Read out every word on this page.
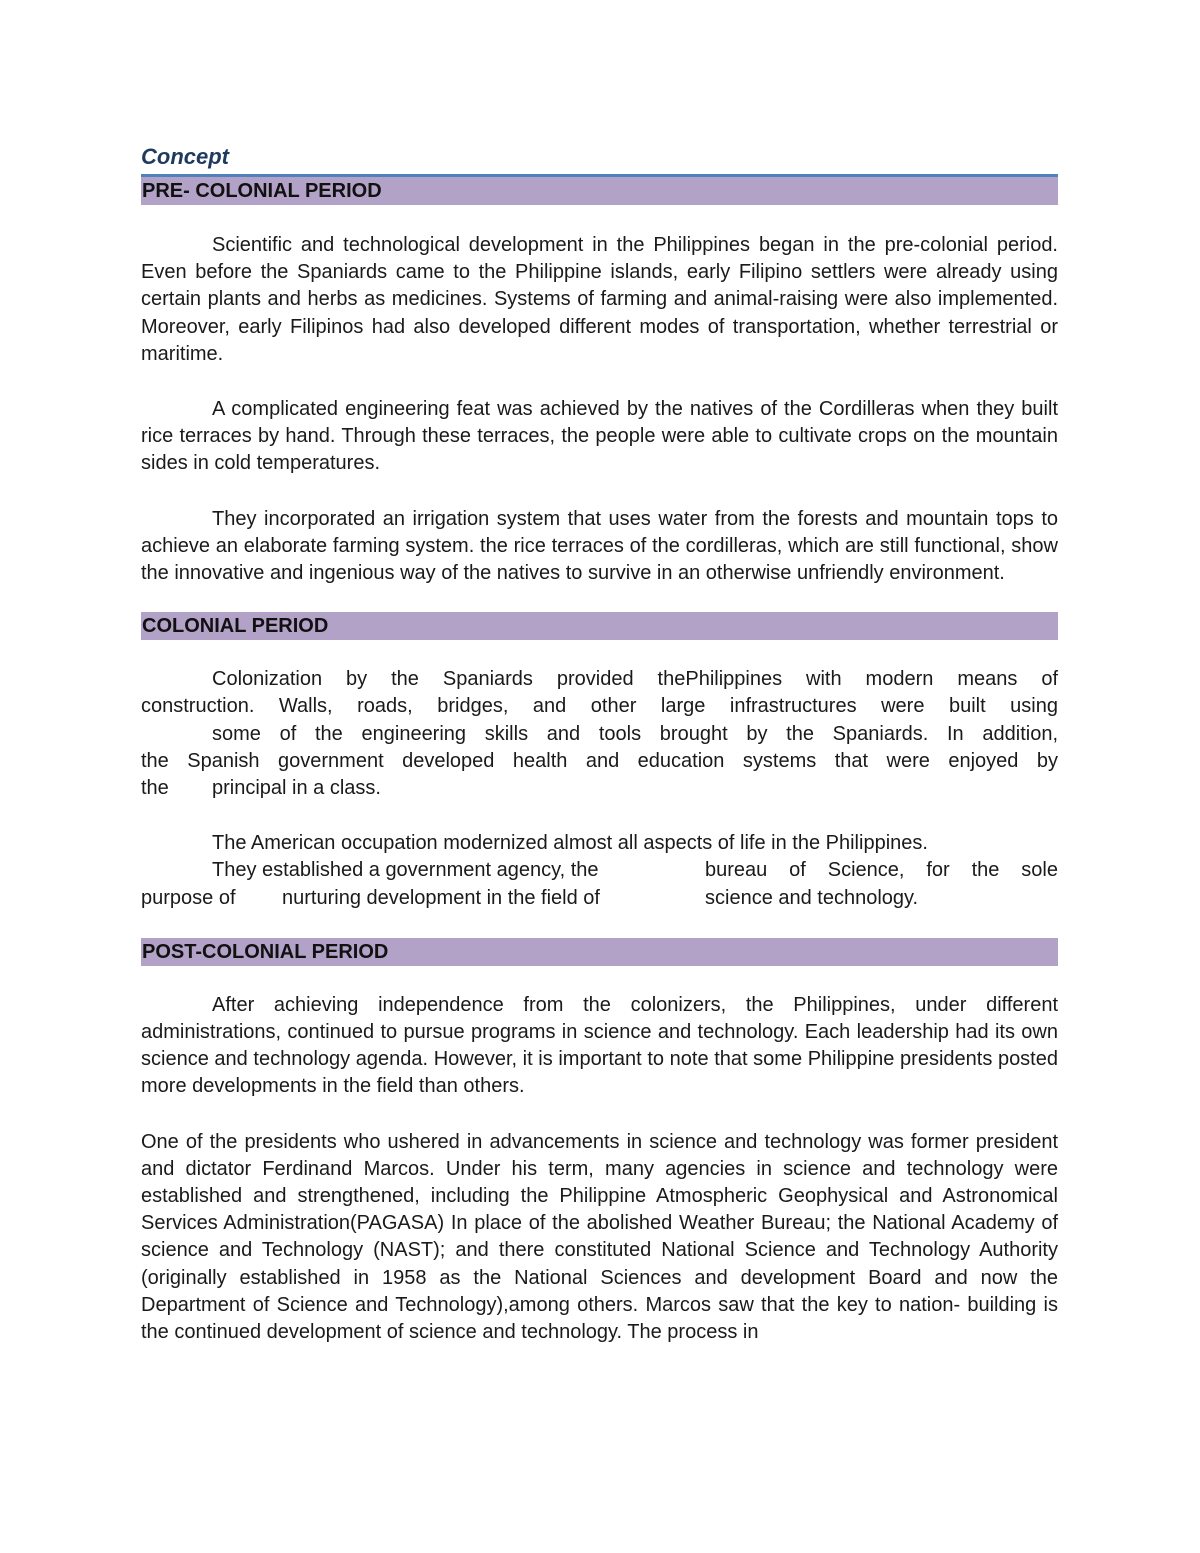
Concept
PRE- COLONIAL PERIOD

Scientific and technological development in the Philippines began in the pre-colonial period. Even before the Spaniards came to the Philippine islands, early Filipino settlers were already using certain plants and herbs as medicines. Systems of farming and animal-raising were also implemented. Moreover, early Filipinos had also developed different modes of transportation, whether terrestrial or maritime.

A complicated engineering feat was achieved by the natives of the Cordilleras when they built rice terraces by hand. Through these terraces, the people were able to cultivate crops on the mountain sides in cold temperatures.

They incorporated an irrigation system that uses water from the forests and mountain tops to achieve an elaborate farming system. the rice terraces of the cordilleras, which are still functional, show the innovative and ingenious way of the natives to survive in an otherwise unfriendly environment.

COLONIAL PERIOD
Colonization by the Spaniards provided thePhilippines with modern means of
construction. Walls, roads, bridges, and other large infrastructures were built using
some of the engineering skills and tools brought by the Spaniards. In addition,
the Spanish government developed health and education systems that were enjoyed by
the principal in a class.
The American occupation modernized almost all aspects of life in the Philippines.
They established a government agency, the	bureau of Science, for the sole
purpose of nurturing development in the field of	science and technology.
POST-COLONIAL PERIOD

After achieving independence from the colonizers, the Philippines, under different administrations, continued to pursue programs in science and technology. Each leadership had its own science and technology agenda. However, it is important to note that some Philippine presidents posted more developments in the field than others.

One of the presidents who ushered in advancements in science and technology was former president and dictator Ferdinand Marcos. Under his term, many agencies in science and technology were established and strengthened, including the Philippine Atmospheric Geophysical and Astronomical Services Administration(PAGASA) In place of the abolished Weather Bureau; the National Academy of science and Technology (NAST); and there constituted National Science and Technology Authority (originally established in 1958 as the National Sciences and development Board and now the Department of Science and Technology),among others. Marcos saw that the key to nation- building is the continued development of science and technology. The process in
